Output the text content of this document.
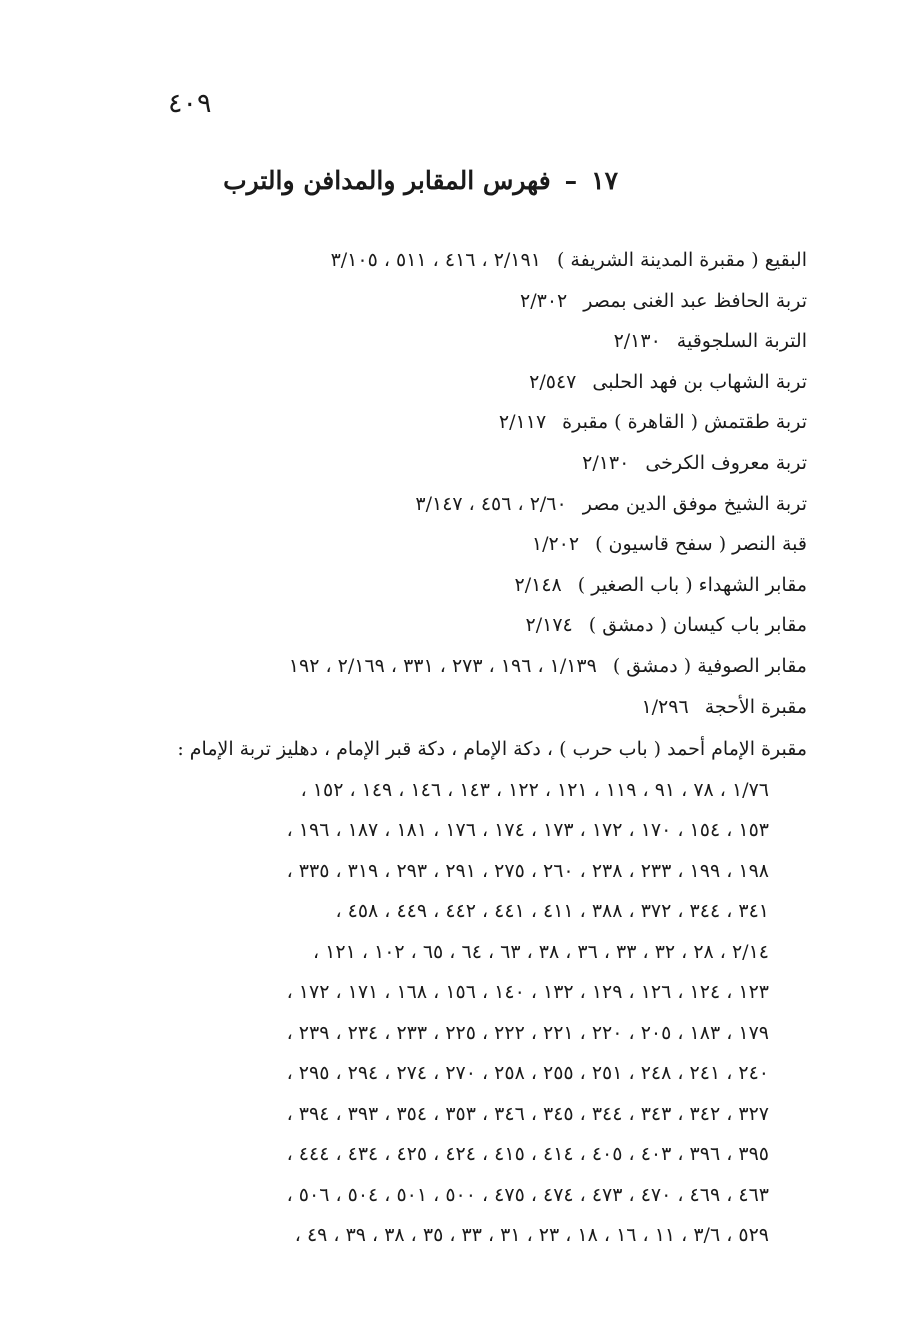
٤٠٩
١٧–فهرس المقابر والمدافن والترب
البقيع ( مقبرة المدينة الشريفة )٢/١٩١ ، ٤١٦ ، ٥١١ ، ٣/١٠٥
تربة الحافظ عبد الغنى بمصر٢/٣٠٢
التربة السلجوقية٢/١٣٠
تربة الشهاب بن فهد الحلبى٢/٥٤٧
تربة طقتمش ( القاهرة ) مقبرة٢/١١٧
تربة معروف الكرخى٢/١٣٠
تربة الشيخ موفق الدين مصر٢/٦٠ ، ٤٥٦ ، ٣/١٤٧
قبة النصر ( سفح قاسيون )١/٢٠٢
مقابر الشهداء ( باب الصغير )٢/١٤٨
مقابر باب كيسان ( دمشق )٢/١٧٤
مقابر الصوفية ( دمشق )١/١٣٩ ، ١٩٦ ، ٢٧٣ ، ٣٣١ ، ٢/١٦٩ ، ١٩٢
مقبرة الأحجة١/٢٩٦
مقبرة الإمام أحمد ( باب حرب ) ، دكة الإمام ، دكة قبر الإمام ، دهليز تربة الإمام :
١/٧٦ ، ٧٨ ، ٩١ ، ١١٩ ، ١٢١ ، ١٢٢ ، ١٤٣ ، ١٤٦ ، ١٤٩ ، ١٥٢ ،
١٥٣ ، ١٥٤ ، ١٧٠ ، ١٧٢ ، ١٧٣ ، ١٧٤ ، ١٧٦ ، ١٨١ ، ١٨٧ ، ١٩٦ ،
١٩٨ ، ١٩٩ ، ٢٣٣ ، ٢٣٨ ، ٢٦٠ ، ٢٧٥ ، ٢٩١ ، ٢٩٣ ، ٣١٩ ، ٣٣٥ ،
٣٤١ ، ٣٤٤ ، ٣٧٢ ، ٣٨٨ ، ٤١١ ، ٤٤١ ، ٤٤٢ ، ٤٤٩ ، ٤٥٨ ،
٢/١٤ ، ٢٨ ، ٣٢ ، ٣٣ ، ٣٦ ، ٣٨ ، ٦٣ ، ٦٤ ، ٦٥ ، ١٠٢ ، ١٢١ ،
١٢٣ ، ١٢٤ ، ١٢٦ ، ١٢٩ ، ١٣٢ ، ١٤٠ ، ١٥٦ ، ١٦٨ ، ١٧١ ، ١٧٢ ،
١٧٩ ، ١٨٣ ، ٢٠٥ ، ٢٢٠ ، ٢٢١ ، ٢٢٢ ، ٢٢٥ ، ٢٣٣ ، ٢٣٤ ، ٢٣٩ ،
٢٤٠ ، ٢٤١ ، ٢٤٨ ، ٢٥١ ، ٢٥٥ ، ٢٥٨ ، ٢٧٠ ، ٢٧٤ ، ٢٩٤ ، ٢٩٥ ،
٣٢٧ ، ٣٤٢ ، ٣٤٣ ، ٣٤٤ ، ٣٤٥ ، ٣٤٦ ، ٣٥٣ ، ٣٥٤ ، ٣٩٣ ، ٣٩٤ ،
٣٩٥ ، ٣٩٦ ، ٤٠٣ ، ٤٠٥ ، ٤١٤ ، ٤١٥ ، ٤٢٤ ، ٤٢٥ ، ٤٣٤ ، ٤٤٤ ،
٤٦٣ ، ٤٦٩ ، ٤٧٠ ، ٤٧٣ ، ٤٧٤ ، ٤٧٥ ، ٥٠٠ ، ٥٠١ ، ٥٠٤ ، ٥٠٦ ،
٥٢٩ ، ٣/٦ ، ١١ ، ١٦ ، ١٨ ، ٢٣ ، ٣١ ، ٣٣ ، ٣٥ ، ٣٨ ، ٣٩ ، ٤٩ ،
